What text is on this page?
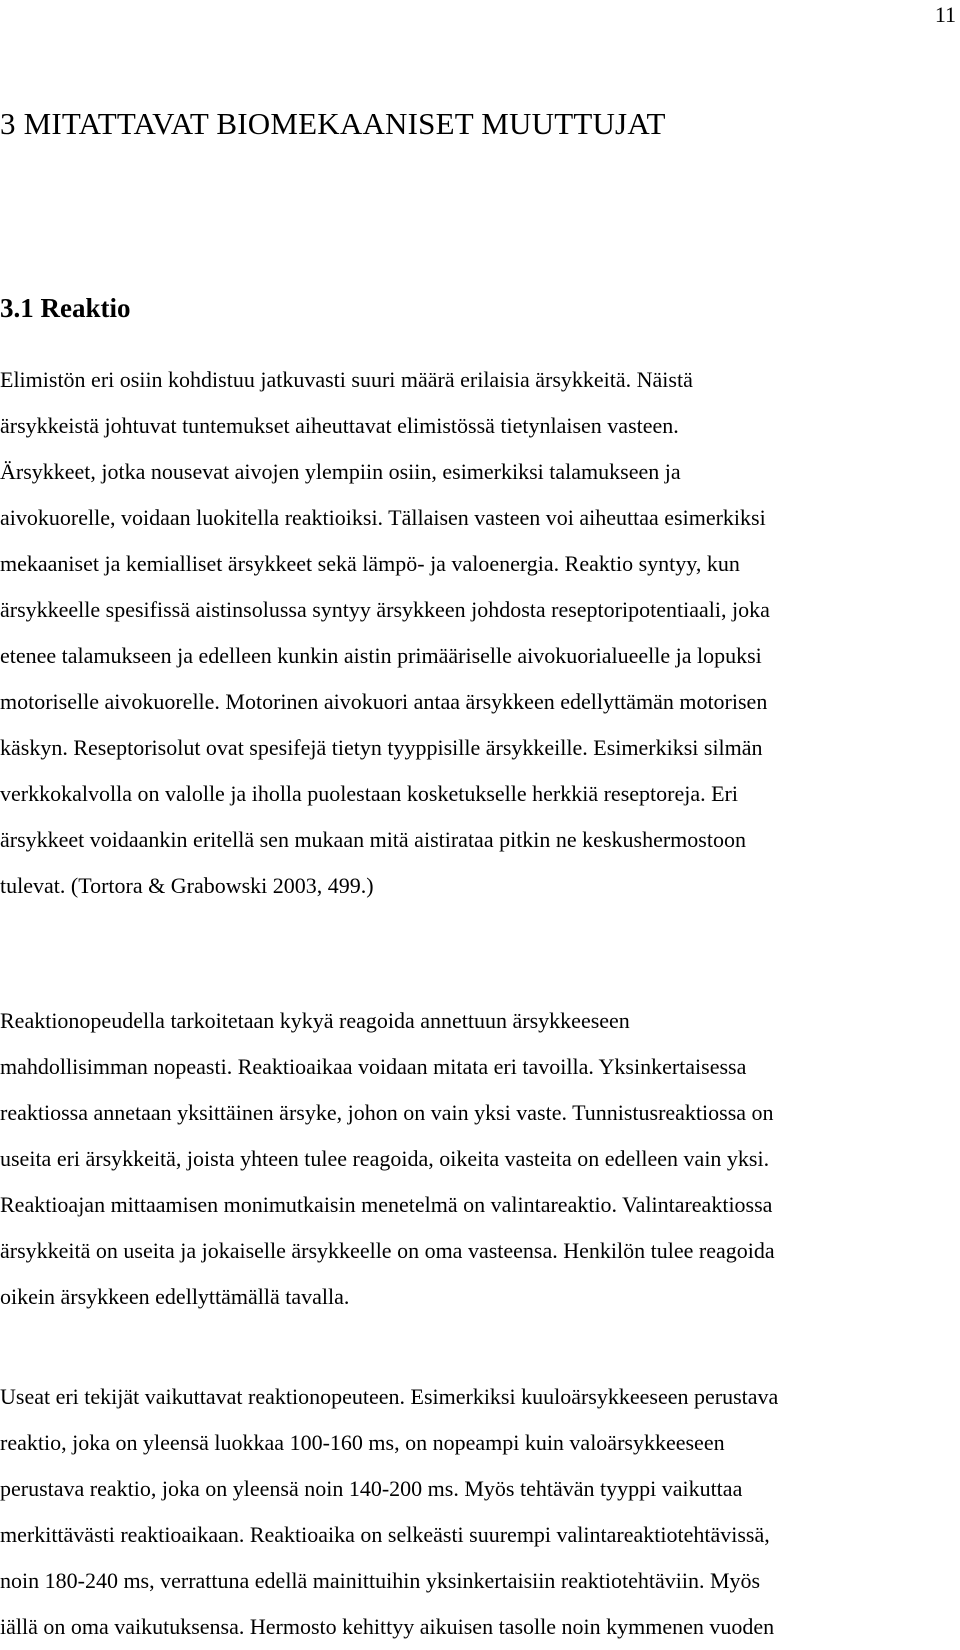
11
3 MITATTAVAT BIOMEKAANISET MUUTTUJAT
3.1 Reaktio
Elimistön eri osiin kohdistuu jatkuvasti suuri määrä erilaisia ärsykkeitä. Näistä
ärsykkeistä johtuvat tuntemukset aiheuttavat elimistössä tietynlaisen vasteen.
Ärsykkeet, jotka nousevat aivojen ylempiin osiin, esimerkiksi talamukseen ja
aivokuorelle, voidaan luokitella reaktioiksi. Tällaisen vasteen voi aiheuttaa esimerkiksi
mekaaniset ja kemialliset ärsykkeet sekä lämpö- ja valoenergia. Reaktio syntyy, kun
ärsykkeelle spesifissä aistinsolussa syntyy ärsykkeen johdosta reseptoripotentiaali, joka
etenee talamukseen ja edelleen kunkin aistin primääriselle aivokuorialueelle ja lopuksi
motoriselle aivokuorelle. Motorinen aivokuori antaa ärsykkeen edellyttämän motorisen
käskyn. Reseptorisolut ovat spesifejä tietyn tyyppisille ärsykkeille. Esimerkiksi silmän
verkkokalvolla on valolle ja iholla puolestaan kosketukselle herkkiä reseptoreja. Eri
ärsykkeet voidaankin eritellä sen mukaan mitä aistirataa pitkin ne keskushermostoon
tulevat. (Tortora & Grabowski 2003, 499.)
Reaktionopeudella tarkoitetaan kykyä reagoida annettuun ärsykkeeseen
mahdollisimman nopeasti. Reaktioaikaa voidaan mitata eri tavoilla. Yksinkertaisessa
reaktiossa annetaan yksittäinen ärsyke, johon on vain yksi vaste. Tunnistusreaktiossa on
useita eri ärsykkeitä, joista yhteen tulee reagoida, oikeita vasteita on edelleen vain yksi.
Reaktioajan mittaamisen monimutkaisin menetelmä on valintareaktio. Valintareaktiossa
ärsykkeitä on useita ja jokaiselle ärsykkeelle on oma vasteensa. Henkilön tulee reagoida
oikein ärsykkeen edellyttämällä tavalla.
Useat eri tekijät vaikuttavat reaktionopeuteen. Esimerkiksi kuuloärsykkeeseen perustava
reaktio, joka on yleensä luokkaa 100-160 ms, on nopeampi kuin valoärsykkeeseen
perustava reaktio, joka on yleensä noin 140-200 ms. Myös tehtävän tyyppi vaikuttaa
merkittävästi reaktioaikaan. Reaktioaika on selkeästi suurempi valintareaktiotehtävissä,
noin 180-240 ms, verrattuna edellä mainittuihin yksinkertaisiin reaktiotehtäviin. Myös
iällä on oma vaikutuksensa. Hermosto kehittyy aikuisen tasolle noin kymmenen vuoden
